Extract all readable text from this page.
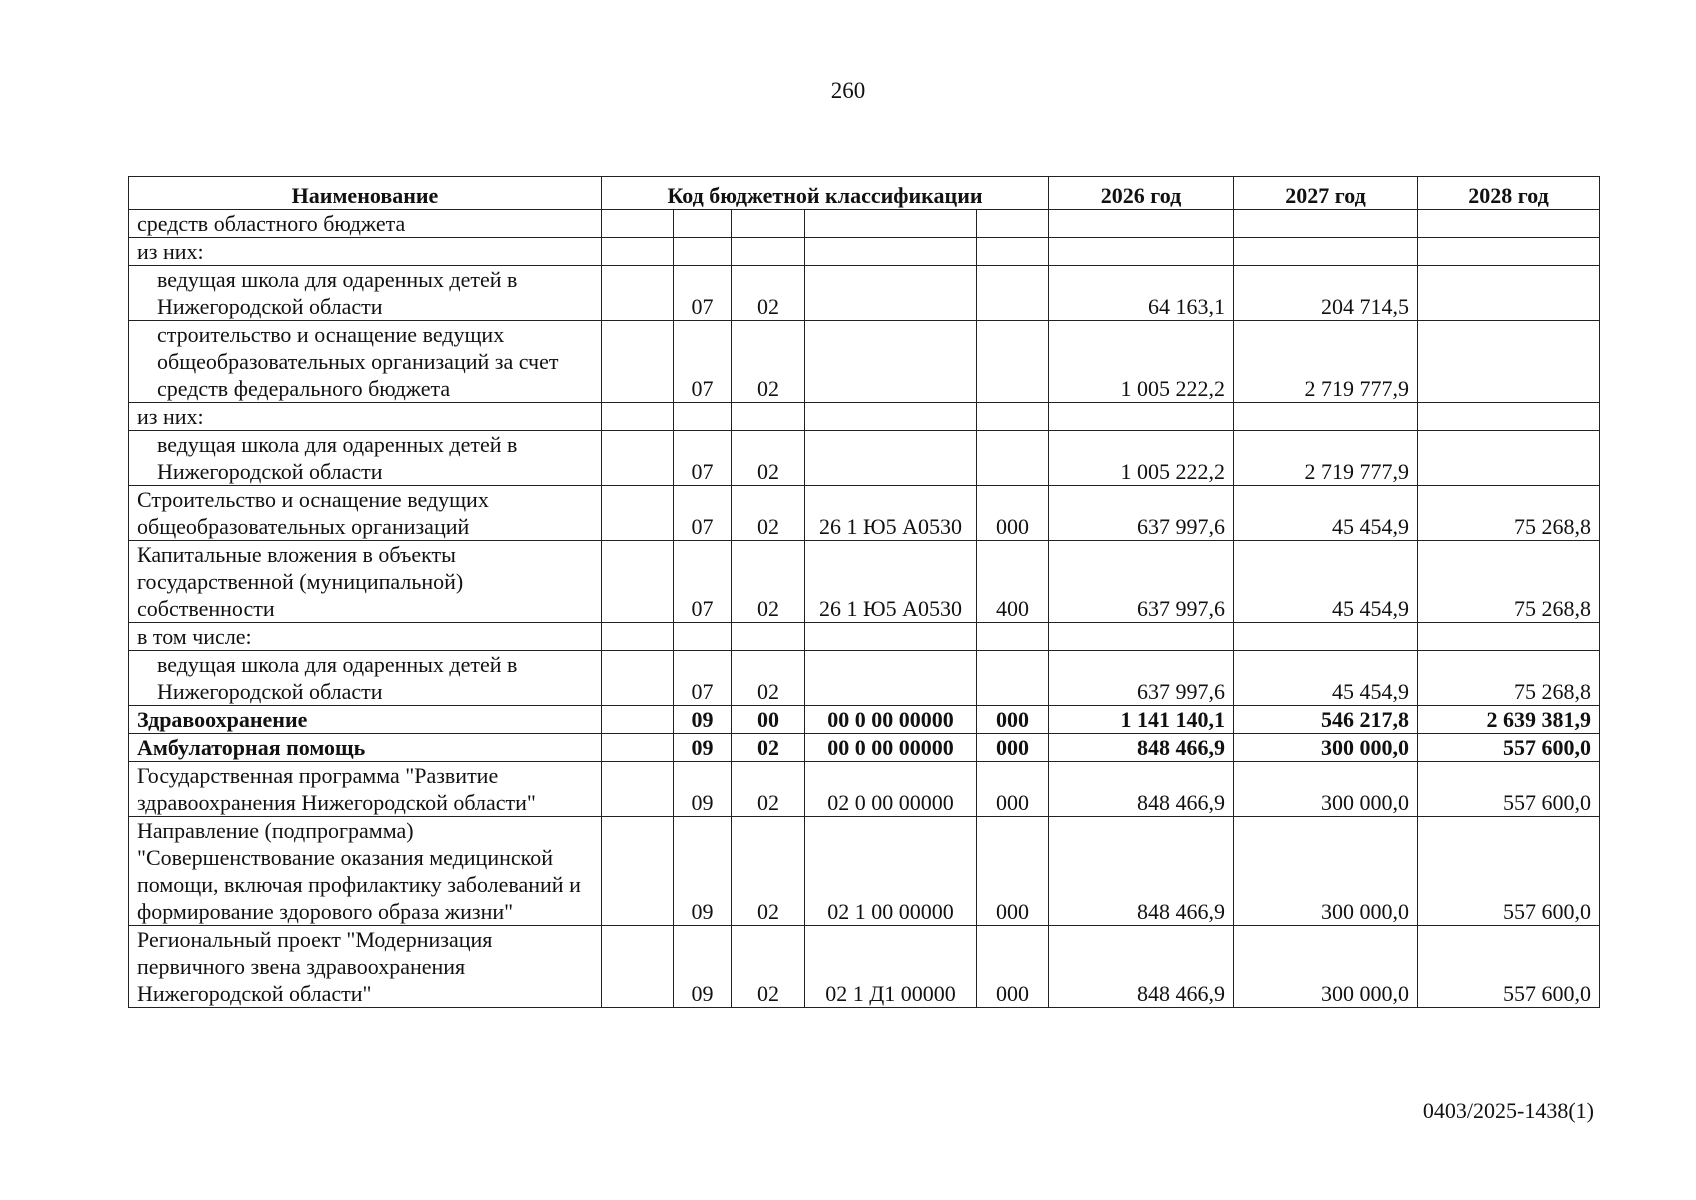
260
Наименование	Код бюджетной классификации					2026 год	2027 год	2028 год
средств областного бюджета								
из них:								
ведущая школа для одаренных детей в Нижегородской области		07	02			64 163,1	204 714,5	
строительство и оснащение ведущих общеобразовательных организаций за счет средств федерального бюджета		07	02			1 005 222,2	2 719 777,9	
из них:								
ведущая школа для одаренных детей в Нижегородской области		07	02			1 005 222,2	2 719 777,9	
Строительство и оснащение ведущих общеобразовательных организаций		07	02	26 1 Ю5 А0530	000	637 997,6	45 454,9	75 268,8
Капитальные вложения в объекты государственной (муниципальной) собственности		07	02	26 1 Ю5 А0530	400	637 997,6	45 454,9	75 268,8
в том числе:								
ведущая школа для одаренных детей в Нижегородской области		07	02			637 997,6	45 454,9	75 268,8
Здравоохранение		09	00	00 0 00 00000	000	1 141 140,1	546 217,8	2 639 381,9
Амбулаторная помощь		09	02	00 0 00 00000	000	848 466,9	300 000,0	557 600,0
Государственная программа "Развитие здравоохранения Нижегородской области"		09	02	02 0 00 00000	000	848 466,9	300 000,0	557 600,0
Направление (подпрограмма) "Совершенствование оказания медицинской помощи, включая профилактику заболеваний и формирование здорового образа жизни"		09	02	02 1 00 00000	000	848 466,9	300 000,0	557 600,0
Региональный проект "Модернизация первичного звена здравоохранения Нижегородской области"		09	02	02 1 Д1 00000	000	848 466,9	300 000,0	557 600,0
0403/2025-1438(1)
